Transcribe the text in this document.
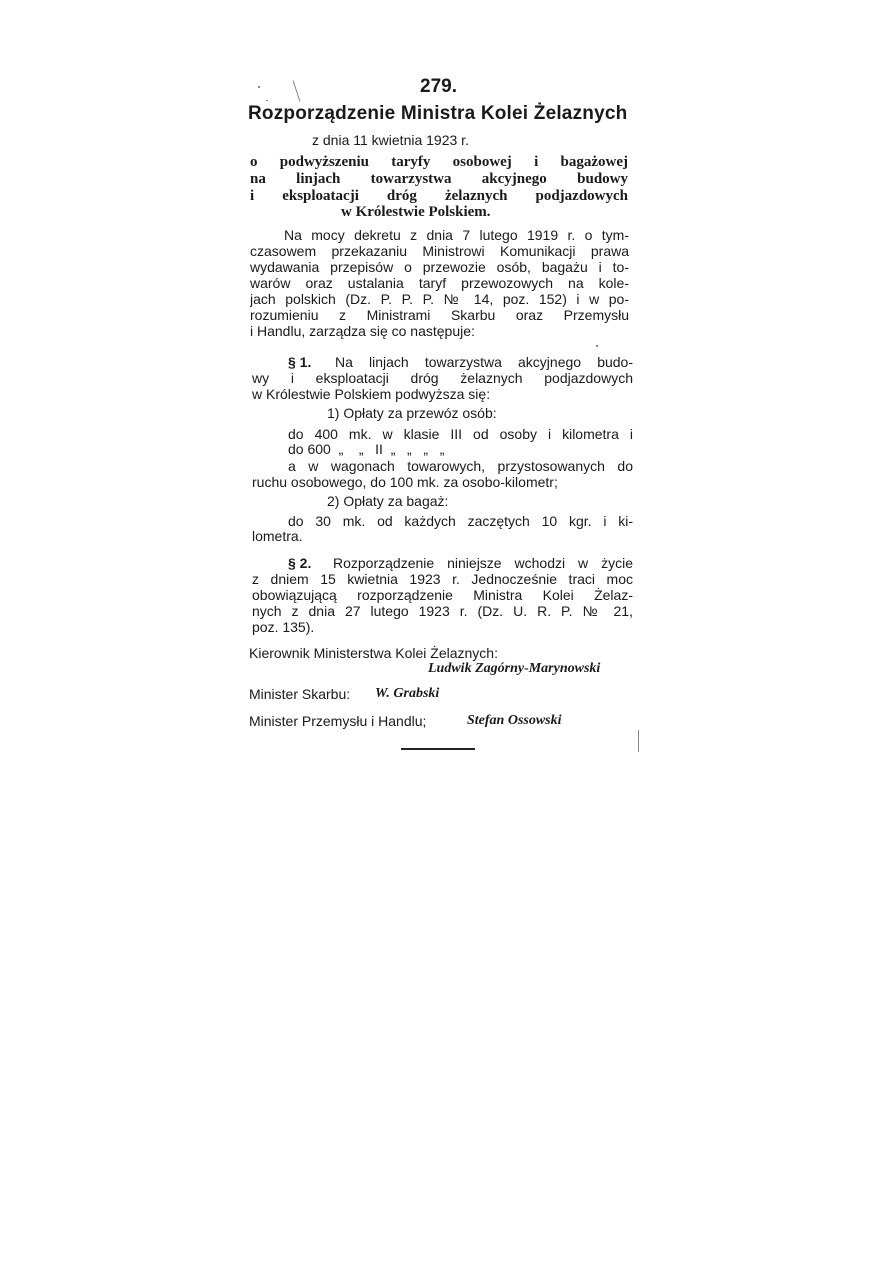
279.
Rozporządzenie Ministra Kolei Żelaznych
z dnia 11 kwietnia 1923 r.
o podwyższeniu taryfy osobowej i bagażowej
na linjach towarzystwa akcyjnego budowy
i eksploatacji dróg żelaznych podjazdowych
w Królestwie Polskiem.
Na mocy dekretu z dnia 7 lutego 1919 r. o tym-
czasowem przekazaniu Ministrowi Komunikacji prawa
wydawania przepisów o przewozie osób, bagażu i to-
warów oraz ustalania taryf przewozowych na kole-
jach polskich (Dz. P. P. P. № 14, poz. 152) i w po-
rozumieniu z Ministrami Skarbu oraz Przemysłu
i Handlu, zarządza się co następuje:
§ 1. Na linjach towarzystwa akcyjnego budo-
wy i eksploatacji dróg żelaznych podjazdowych
w Królestwie Polskiem podwyższa się:
1) Opłaty za przewóz osób:
do 400 mk. w klasie III od osoby i kilometra i
do 600  „    „   II  „   „   „   „
a w wagonach towarowych, przystosowanych do
ruchu osobowego, do 100 mk. za osobo-kilometr;
2) Opłaty za bagaż:
do 30 mk. od każdych zaczętych 10 kgr. i ki-
lometra.
§ 2. Rozporządzenie niniejsze wchodzi w życie
z dniem 15 kwietnia 1923 r. Jednocześnie traci moc
obowiązującą rozporządzenie Ministra Kolei Żelaz-
nych z dnia 27 lutego 1923 r. (Dz. U. R. P. № 21,
poz. 135).
Kierownik Ministerstwa Kolei Żelaznych:
Ludwik Zagórny-Marynowski
Minister Skarbu: W. Grabski
Minister Przemysłu i Handlu;	Stefan Ossowski
